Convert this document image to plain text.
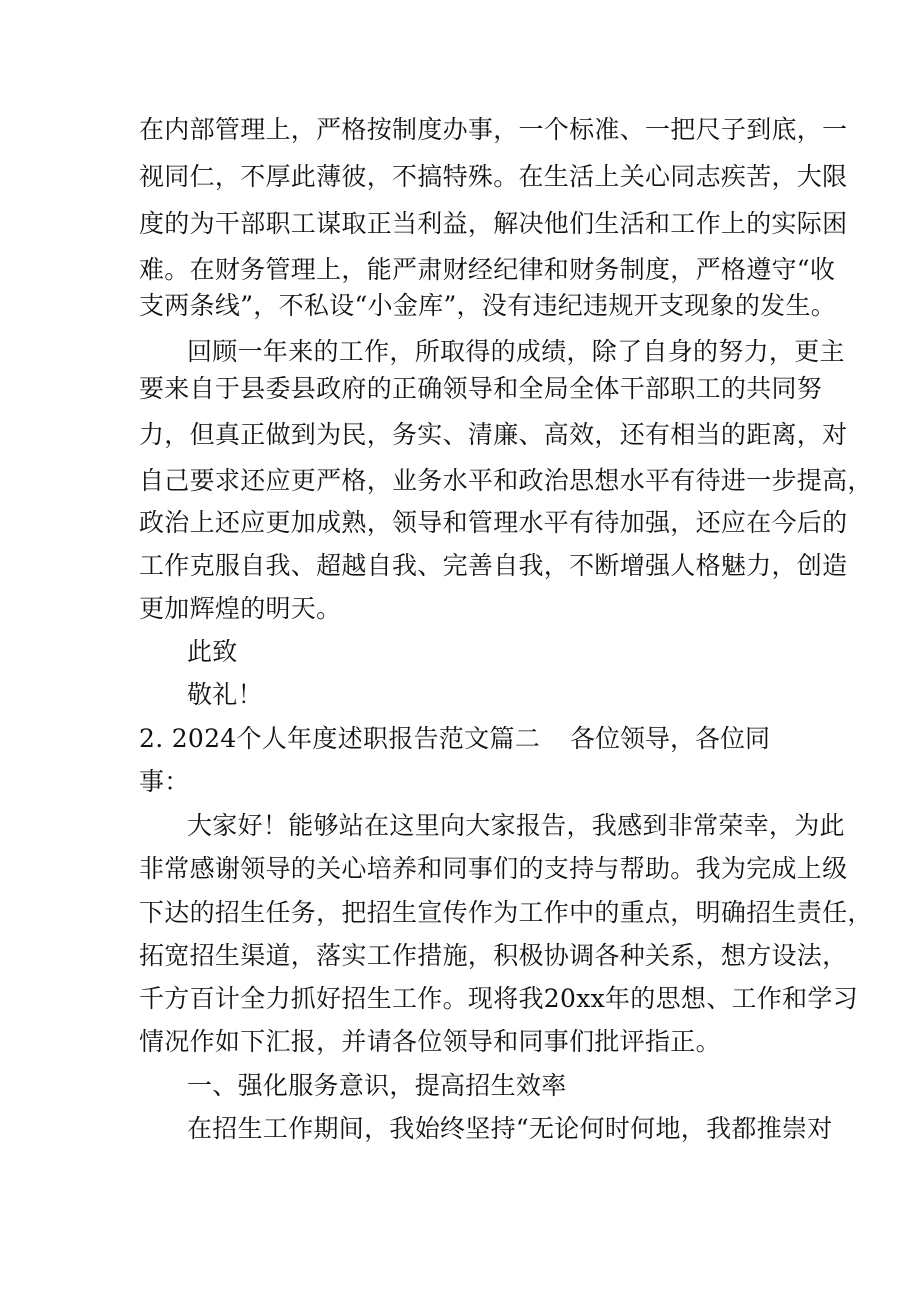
在内部管理上，严格按制度办事，一个标准、一把尺子到底，一
视同仁，不厚此薄彼，不搞特殊。在生活上关心同志疾苦，大限
度的为干部职工谋取正当利益，解决他们生活和工作上的实际困
难。在财务管理上，能严肃财经纪律和财务制度，严格遵守“收
支两条线”，不私设“小金库”，没有违纪违规开支现象的发生。
回顾一年来的工作，所取得的成绩，除了自身的努力，更主
要来自于县委县政府的正确领导和全局全体干部职工的共同努
力，但真正做到为民，务实、清廉、高效，还有相当的距离，对
自己要求还应更严格，业务水平和政治思想水平有待进一步提高，
政治上还应更加成熟，领导和管理水平有待加强，还应在今后的
工作克服自我、超越自我、完善自我，不断增强人格魅力，创造
更加辉煌的明天。
此致
敬礼！
2. 2024个人年度述职报告范文篇二 各位领导，各位同
事：
大家好！能够站在这里向大家报告，我感到非常荣幸，为此
非常感谢领导的关心培养和同事们的支持与帮助。我为完成上级
下达的招生任务，把招生宣传作为工作中的重点，明确招生责任，
拓宽招生渠道，落实工作措施，积极协调各种关系，想方设法，
千方百计全力抓好招生工作。现将我20xx年的思想、工作和学习
情况作如下汇报，并请各位领导和同事们批评指正。
一、强化服务意识，提高招生效率
在招生工作期间，我始终坚持“无论何时何地，我都推崇对
